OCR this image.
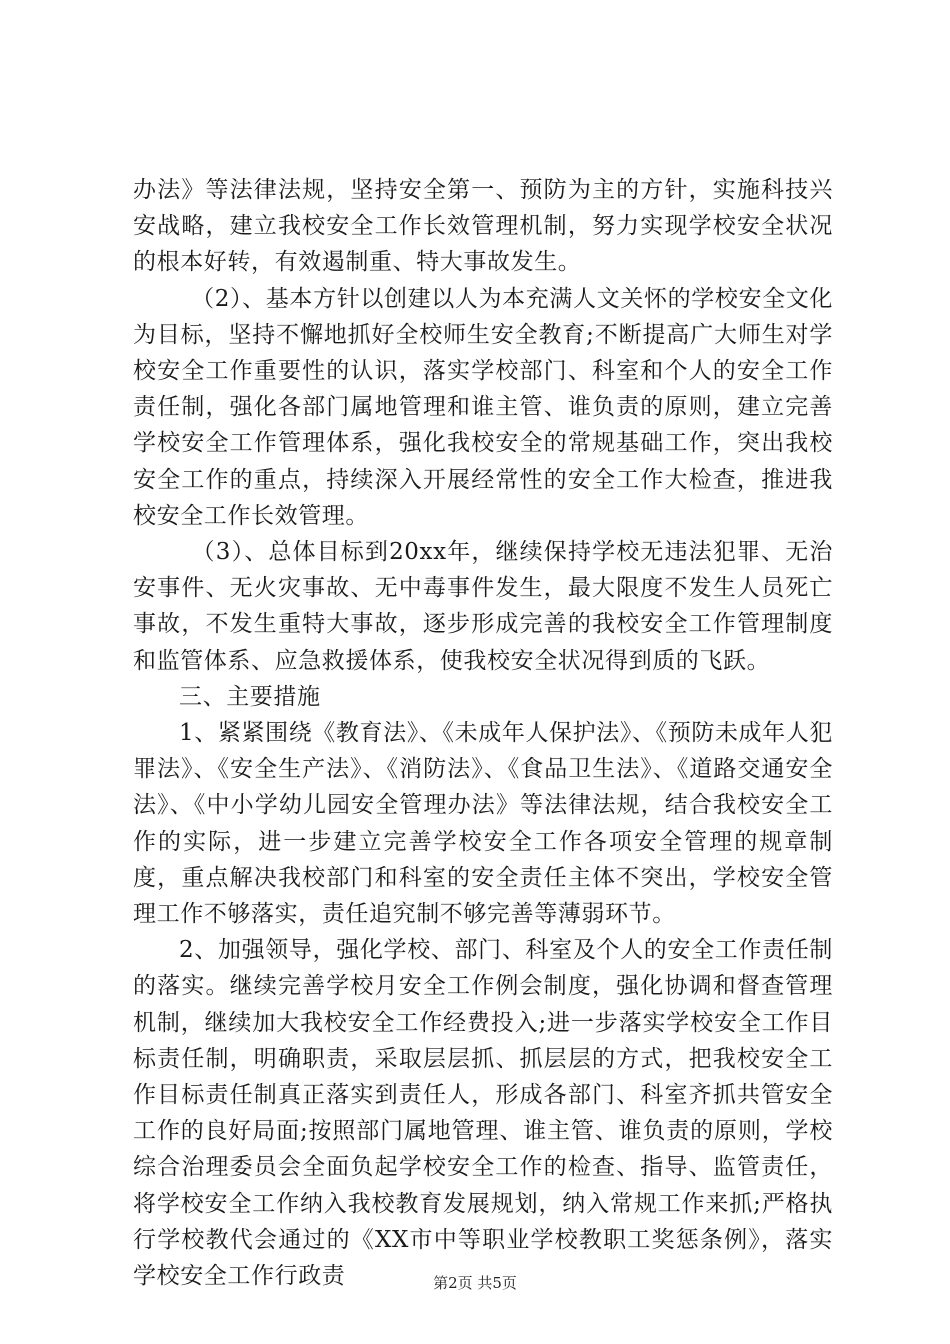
办法》等法律法规，坚持安全第一、预防为主的方针，实施科技兴安战略，建立我校安全工作长效管理机制，努力实现学校安全状况的根本好转，有效遏制重、特大事故发生。

　（2）、基本方针以创建以人为本充满人文关怀的学校安全文化为目标，坚持不懈地抓好全校师生安全教育;不断提高广大师生对学校安全工作重要性的认识，落实学校部门、科室和个人的安全工作责任制，强化各部门属地管理和谁主管、谁负责的原则，建立完善学校安全工作管理体系，强化我校安全的常规基础工作，突出我校安全工作的重点，持续深入开展经常性的安全工作大检查，推进我校安全工作长效管理。

　（3）、总体目标到20xx年，继续保持学校无违法犯罪、无治安事件、无火灾事故、无中毒事件发生，最大限度不发生人员死亡事故，不发生重特大事故，逐步形成完善的我校安全工作管理制度和监管体系、应急救援体系，使我校安全状况得到质的飞跃。

三、主要措施

1、紧紧围绕《教育法》、《未成年人保护法》、《预防未成年人犯罪法》、《安全生产法》、《消防法》、《食品卫生法》、《道路交通安全法》、《中小学幼儿园安全管理办法》等法律法规，结合我校安全工作的实际，进一步建立完善学校安全工作各项安全管理的规章制度，重点解决我校部门和科室的安全责任主体不突出，学校安全管理工作不够落实，责任追究制不够完善等薄弱环节。

2、加强领导，强化学校、部门、科室及个人的安全工作责任制的落实。继续完善学校月安全工作例会制度，强化协调和督查管理机制，继续加大我校安全工作经费投入;进一步落实学校安全工作目标责任制，明确职责，采取层层抓、抓层层的方式，把我校安全工作目标责任制真正落实到责任人，形成各部门、科室齐抓共管安全工作的良好局面;按照部门属地管理、谁主管、谁负责的原则，学校综合治理委员会全面负起学校安全工作的检查、指导、监管责任，将学校安全工作纳入我校教育发展规划，纳入常规工作来抓;严格执行学校教代会通过的《XX市中等职业学校教职工奖惩条例》，落实学校安全工作行政责	第2页 共5页
